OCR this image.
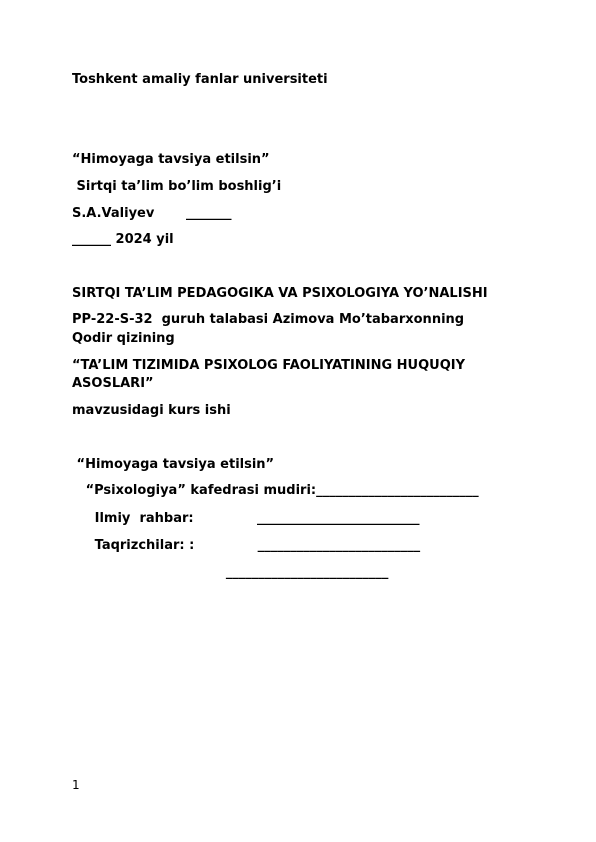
Toshkent amaliy fanlar universiteti
“Himoyaga tavsiya etilsin”
Sirtqi ta’lim bo’lim boshlig’i
S.A.Valiyev       _______
______ 2024 yil
SIRTQI TA’LIM PEDAGOGIKA VA PSIXOLOGIYA YO’NALISHI
PP-22-S-32  guruh talabasi Azimova Mo’tabarxonning
Qodir qizining
“TA’LIM TIZIMIDA PSIXOLOG FAOLIYATINING HUQUQIY
ASOSLARI”
mavzusidagi kurs ishi
“Himoyaga tavsiya etilsin”
“Psixologiya” kafedrasi mudiri:_________________________
Ilmiy  rahbar:              _________________________
Taqrizchilar: :              _________________________
_________________________
1
